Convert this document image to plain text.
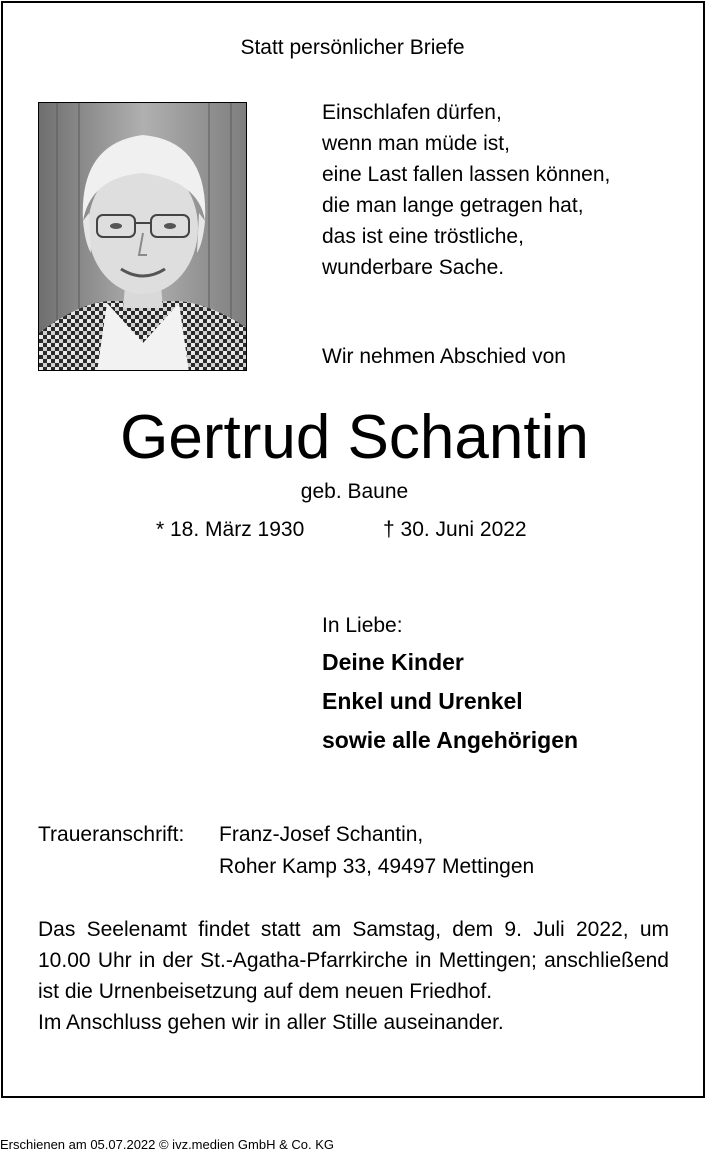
Statt persönlicher Briefe
Einschlafen dürfen,
wenn man müde ist,
eine Last fallen lassen können,
die man lange getragen hat,
das ist eine tröstliche,
wunderbare Sache.
Wir nehmen Abschied von
Gertrud Schantin
geb. Baune
* 18. März 1930	† 30. Juni 2022
In Liebe:
Deine Kinder
Enkel und Urenkel
sowie alle Angehörigen
Traueranschrift: Franz-Josef Schantin,
Roher Kamp 33, 49497 Mettingen
Das Seelenamt findet statt am Samstag, dem 9. Juli 2022, um 10.00 Uhr in der St.-Agatha-Pfarrkirche in Mettingen; anschließend ist die Urnenbeisetzung auf dem neuen Friedhof.
Im Anschluss gehen wir in aller Stille auseinander.
Erschienen am 05.07.2022 © ivz.medien GmbH & Co. KG
